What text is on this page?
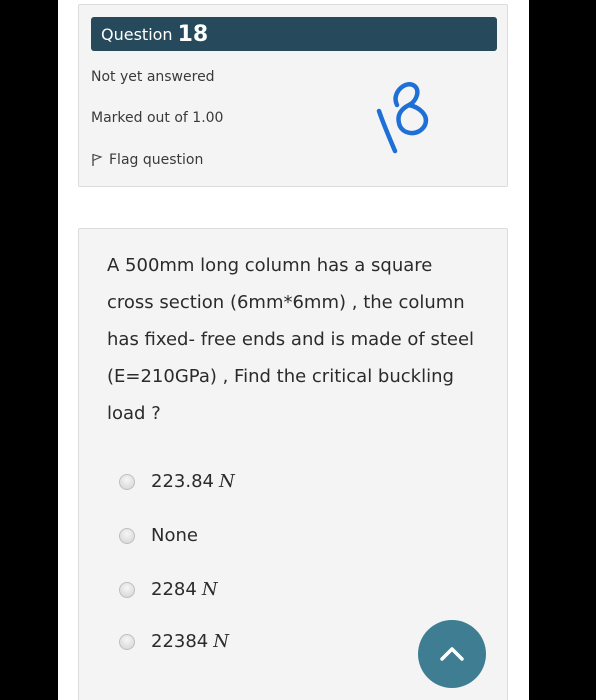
Question 18
Not yet answered
Marked out of 1.00
Flag question
A 500mm long column has a square
cross section (6mm*6mm) , the column
has fixed- free ends and is made of steel
(E=210GPa) , Find the critical buckling
load ?
223.84 N
None
2284 N
22384 N
